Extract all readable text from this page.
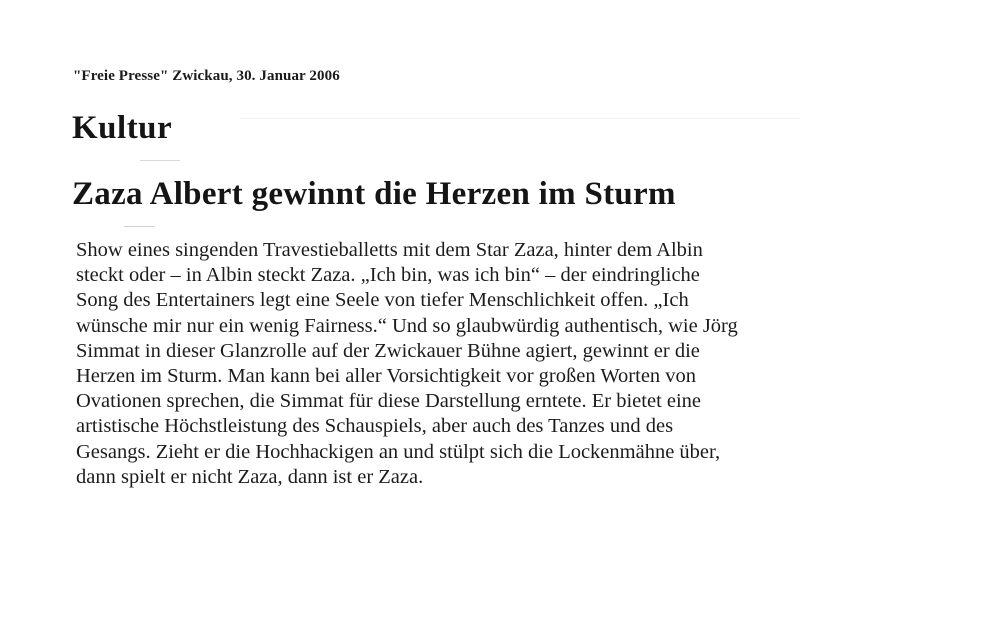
"Freie Presse" Zwickau, 30. Januar 2006
Kultur
Zaza Albert gewinnt die Herzen im Sturm

Show eines singenden Travestieballetts mit dem Star Zaza, hinter dem Albin
steckt oder – in Albin steckt Zaza. „Ich bin, was ich bin“ – der eindringliche
Song des Entertainers legt eine Seele von tiefer Menschlichkeit offen. „Ich
wünsche mir nur ein wenig Fairness.“ Und so glaubwürdig authentisch, wie Jörg
Simmat in dieser Glanzrolle auf der Zwickauer Bühne agiert, gewinnt er die
Herzen im Sturm. Man kann bei aller Vorsichtigkeit vor großen Worten von
Ovationen sprechen, die Simmat für diese Darstellung erntete. Er bietet eine
artistische Höchstleistung des Schauspiels, aber auch des Tanzes und des
Gesangs. Zieht er die Hochhackigen an und stülpt sich die Lockenmähne über,
dann spielt er nicht Zaza, dann ist er Zaza.
